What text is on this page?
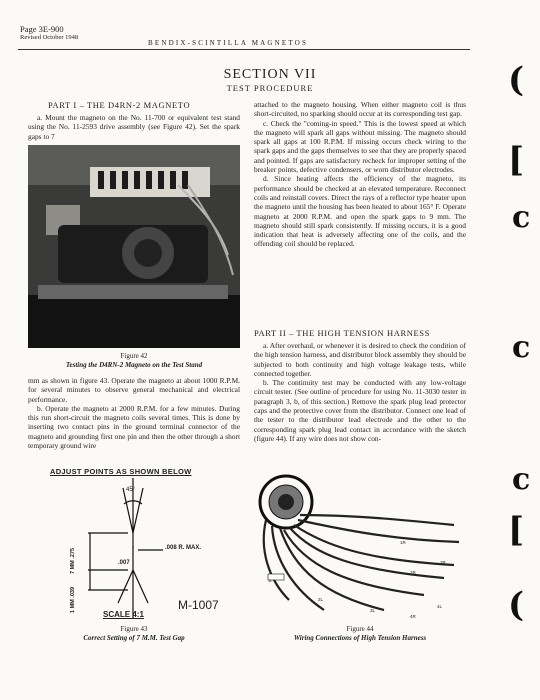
Page 3E-900
Revised October 1948
BENDIX-SCINTILLA MAGNETOS
SECTION VII
TEST PROCEDURE
PART I – THE D4RN-2 MAGNETO

a. Mount the magneto on the No. 11-700 or equivalent test stand using the No. 11-2593 drive assembly (see Figure 42). Set the spark gaps to 7

Figure 42
Testing the D4RN-2 Magneto on the Test Stand

mm as shown in figure 43. Operate the magneto at about 1000 R.P.M. for several minutes to observe general mechanical and electrical performance.

b. Operate the magneto at 2000 R.P.M. for a few minutes. During this run short-circuit the magneto coils several times. This is done by inserting two contact pins in the ground terminal connector of the magneto and grounding first one pin and then the other through a short temporary ground wire

ADJUST POINTS AS SHOWN BELOW
45°
.008 R. MAX.
.007
7 MM .275
1 MM .039
SCALE 4:1
M-1007
Figure 43
Correct Setting of 7 M.M. Test Gap

attached to the magneto housing. When either magneto coil is thus short-circuited, no sparking should occur at its corresponding test gap.

c. Check the "coming-in speed." This is the lowest speed at which the magneto will spark all gaps without missing. The magneto should spark all gaps at 100 R.P.M. If missing occurs check wiring to the spark gaps and the gaps themselves to see that they are properly spaced and pointed. If gaps are satisfactory recheck for improper setting of the breaker points, defective condensers, or worn distributor electrodes.

d. Since heating affects the efficiency of the magneto, its performance should be checked at an elevated temperature. Reconnect coils and reinstall covers. Direct the rays of a reflector type heater upon the magneto until the housing has been heated to about 165° F. Operate magneto at 2000 R.P.M. and open the spark gaps to 9 mm. The magneto should still spark consistently. If missing occurs, it is a good indication that heat is adversely affecting one of the coils, and the offending coil should be replaced.

PART II – THE HIGH TENSION HARNESS

a. After overhaul, or whenever it is desired to check the condition of the high tension harness, and distributor block assembly they should be subjected to both continuity and high voltage leakage tests, while connected together.

b. The continuity test may be conducted with any low-voltage circuit tester. (See outline of procedure for using No. 11-3030 tester in paragraph 3, b, of this section.) Remove the spark plug lead protector caps and the protective cover from the distributor. Connect one lead of the tester to the distributor lead electrode and the other to the corresponding spark plug lead contact in accordance with the sketch (figure 44). If any wire does not show con-

1L
1R
2L
2R
3L
3R
4L
4R
Figure 44
Wiring Connections of High Tension Harness
(
[
c
c
c
[
(
